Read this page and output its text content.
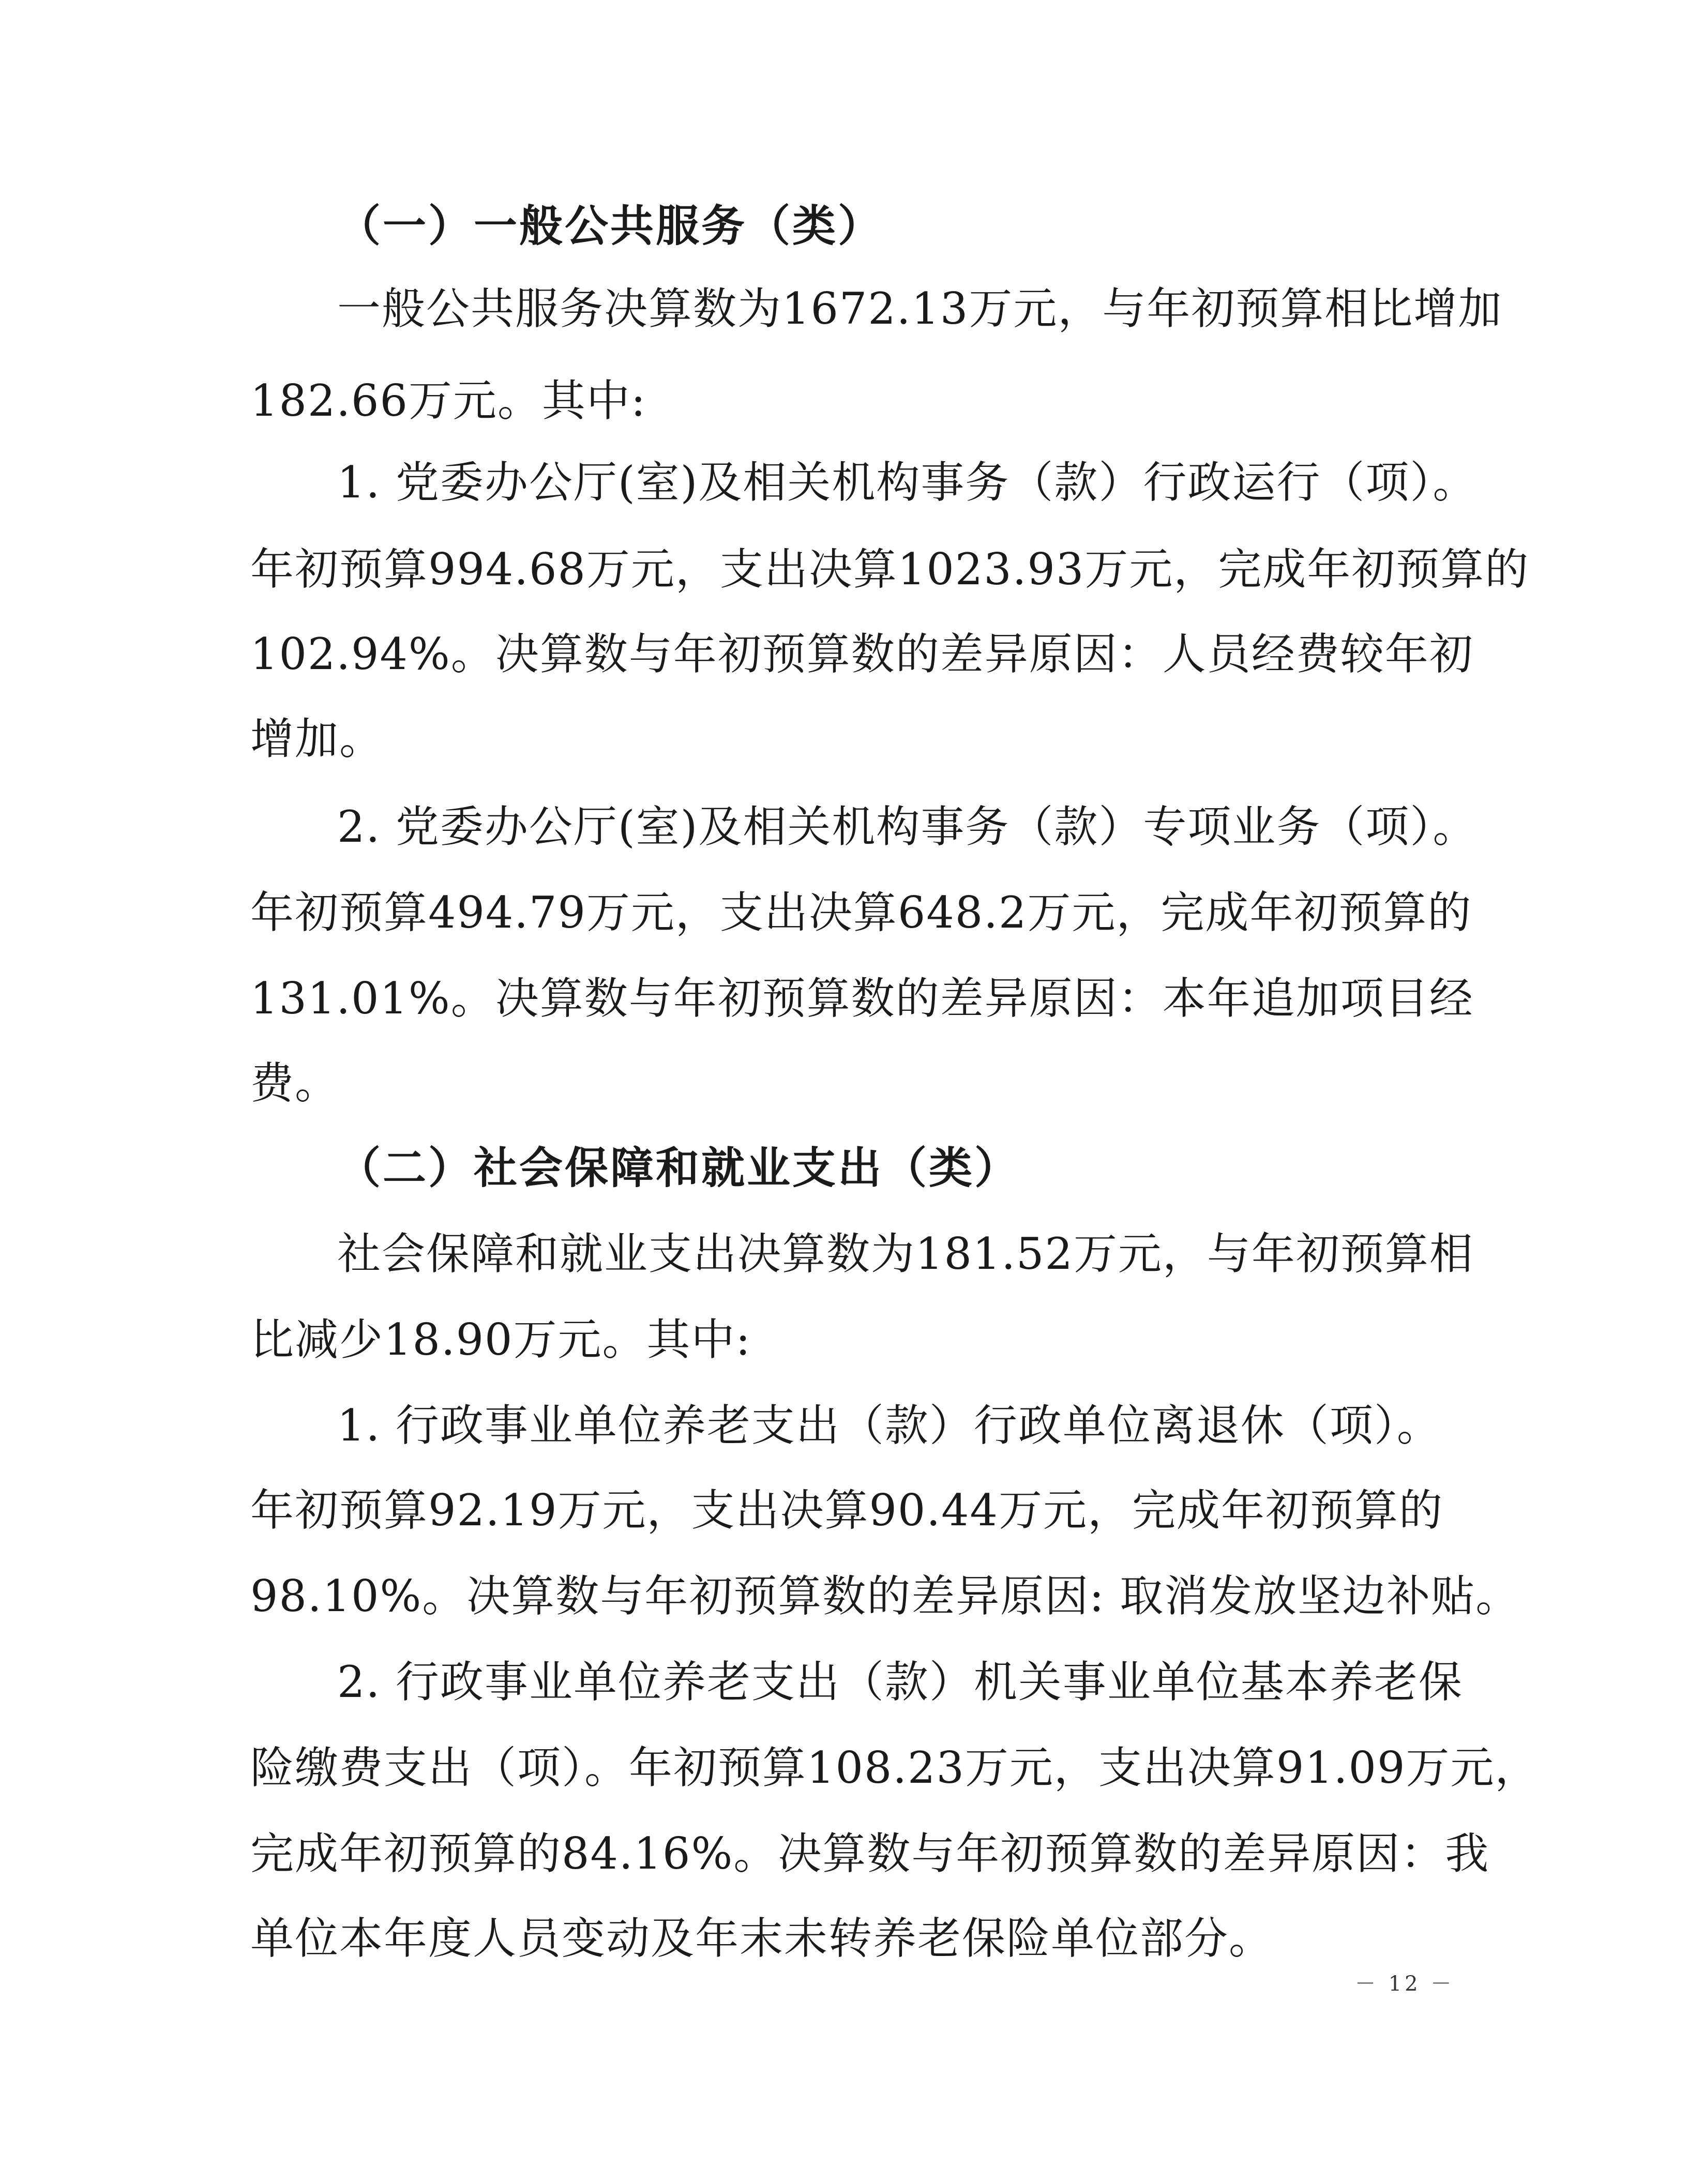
（一）一般公共服务（类）
一般公共服务决算数为1672.13万元，与年初预算相比增加
182.66万元。其中:
1. 党委办公厅(室)及相关机构事务（款）行政运行（项）。
年初预算994.68万元，支出决算1023.93万元，完成年初预算的
102.94%。决算数与年初预算数的差异原因：人员经费较年初
增加。
2. 党委办公厅(室)及相关机构事务（款）专项业务（项）。
年初预算494.79万元，支出决算648.2万元，完成年初预算的
131.01%。决算数与年初预算数的差异原因：本年追加项目经
费。
（二）社会保障和就业支出（类）
社会保障和就业支出决算数为181.52万元，与年初预算相
比减少18.90万元。其中:
1. 行政事业单位养老支出（款）行政单位离退休（项）。
年初预算92.19万元，支出决算90.44万元，完成年初预算的
98.10%。决算数与年初预算数的差异原因: 取消发放坚边补贴。
2. 行政事业单位养老支出（款）机关事业单位基本养老保
险缴费支出（项）。年初预算108.23万元，支出决算91.09万元，
完成年初预算的84.16%。决算数与年初预算数的差异原因：我
单位本年度人员变动及年末未转养老保险单位部分。
－ 12 －
